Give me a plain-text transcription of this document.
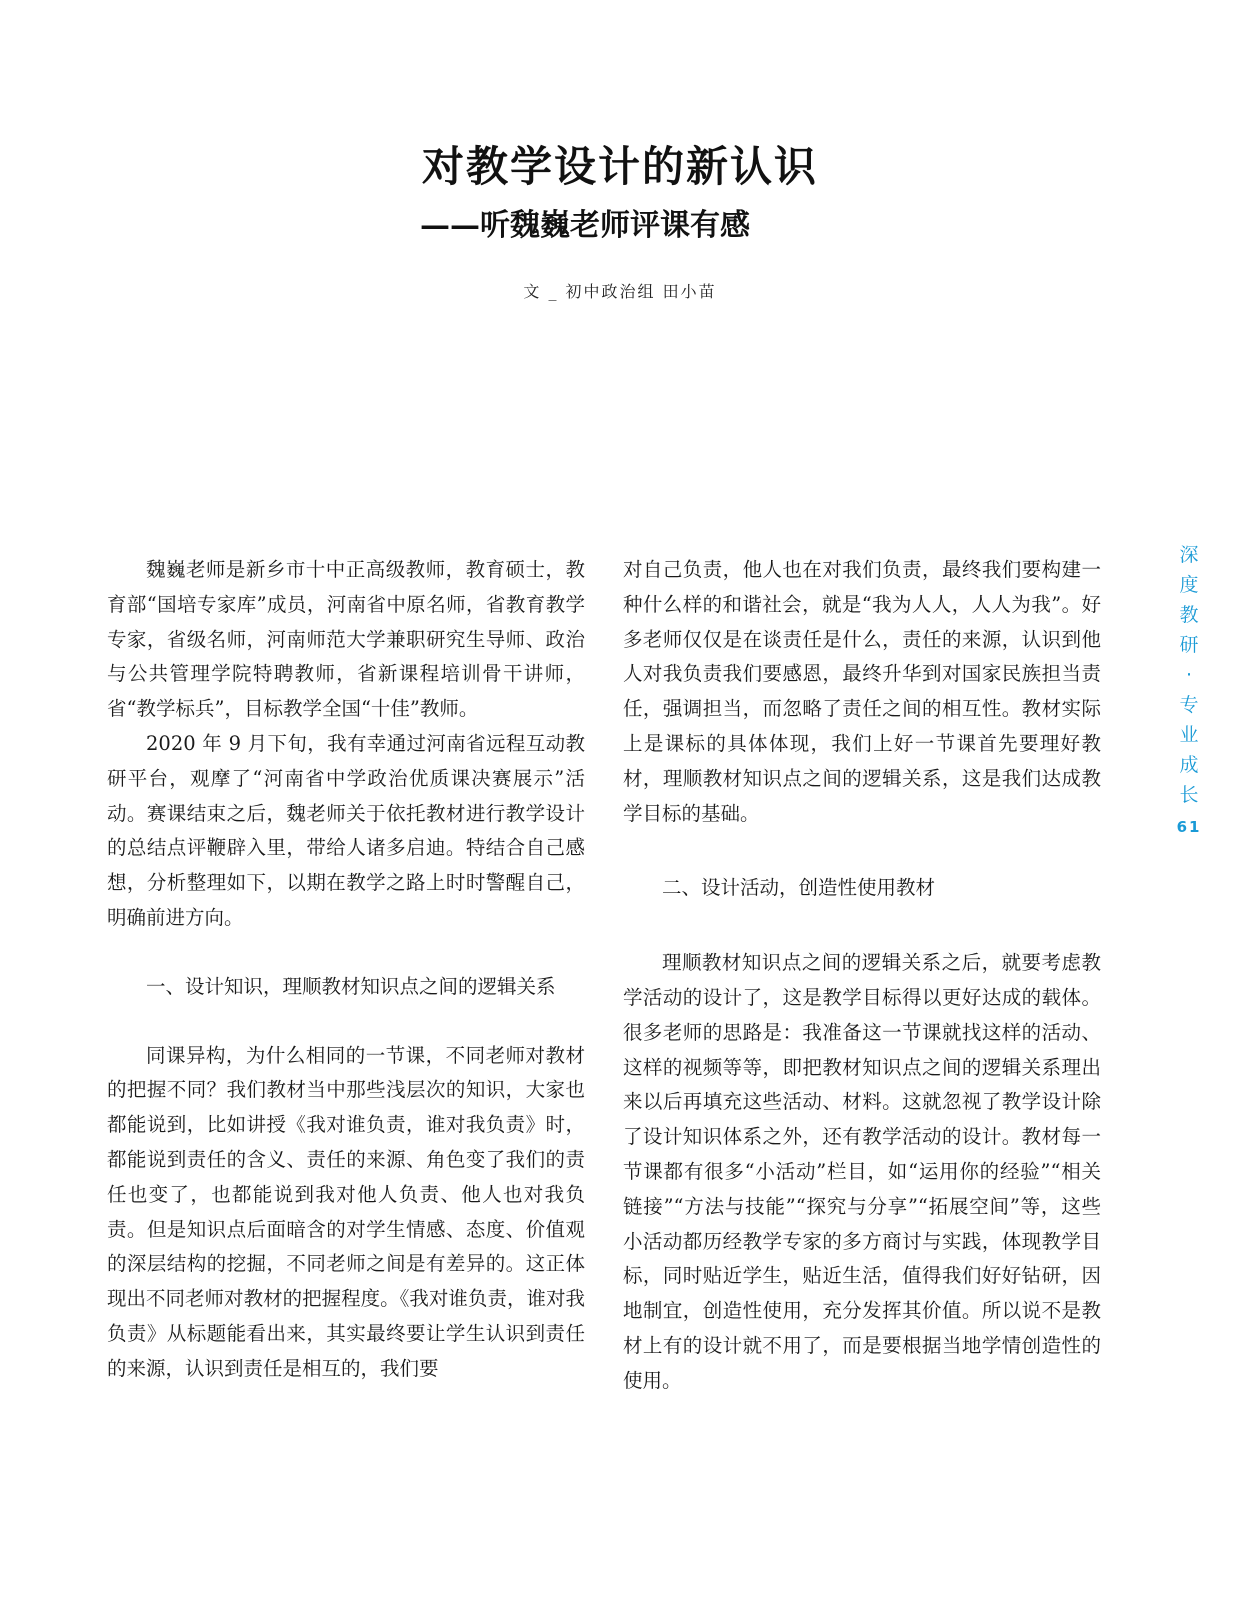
对教学设计的新认识
——听魏巍老师评课有感
文 _ 初中政治组 田小苗

魏巍老师是新乡市十中正高级教师，教育硕士，教育部“国培专家库”成员，河南省中原名师，省教育教学专家，省级名师，河南师范大学兼职研究生导师、政治与公共管理学院特聘教师，省新课程培训骨干讲师，省“教学标兵”，目标教学全国“十佳”教师。

2020 年 9 月下旬，我有幸通过河南省远程互动教研平台，观摩了“河南省中学政治优质课决赛展示”活动。赛课结束之后，魏老师关于依托教材进行教学设计的总结点评鞭辟入里，带给人诸多启迪。特结合自己感想，分析整理如下，以期在教学之路上时时警醒自己，明确前进方向。

一、设计知识，理顺教材知识点之间的逻辑关系

同课异构，为什么相同的一节课，不同老师对教材的把握不同？我们教材当中那些浅层次的知识，大家也都能说到，比如讲授《我对谁负责，谁对我负责》时，都能说到责任的含义、责任的来源、角色变了我们的责任也变了，也都能说到我对他人负责、他人也对我负责。但是知识点后面暗含的对学生情感、态度、价值观的深层结构的挖掘，不同老师之间是有差异的。这正体现出不同老师对教材的把握程度。《我对谁负责，谁对我负责》从标题能看出来，其实最终要让学生认识到责任的来源，认识到责任是相互的，我们要

对自己负责，他人也在对我们负责，最终我们要构建一种什么样的和谐社会，就是“我为人人，人人为我”。好多老师仅仅是在谈责任是什么，责任的来源，认识到他人对我负责我们要感恩，最终升华到对国家民族担当责任，强调担当，而忽略了责任之间的相互性。教材实际上是课标的具体体现，我们上好一节课首先要理好教材，理顺教材知识点之间的逻辑关系，这是我们达成教学目标的基础。

二、设计活动，创造性使用教材

理顺教材知识点之间的逻辑关系之后，就要考虑教学活动的设计了，这是教学目标得以更好达成的载体。很多老师的思路是：我准备这一节课就找这样的活动、这样的视频等等，即把教材知识点之间的逻辑关系理出来以后再填充这些活动、材料。这就忽视了教学设计除了设计知识体系之外，还有教学活动的设计。教材每一节课都有很多“小活动”栏目，如“运用你的经验”“相关链接”“方法与技能”“探究与分享”“拓展空间”等，这些小活动都历经教学专家的多方商讨与实践，体现教学目标，同时贴近学生，贴近生活，值得我们好好钻研，因地制宜，创造性使用，充分发挥其价值。所以说不是教材上有的设计就不用了，而是要根据当地学情创造性的使用。

深
度
教
研
·
专
业
成
长
61
